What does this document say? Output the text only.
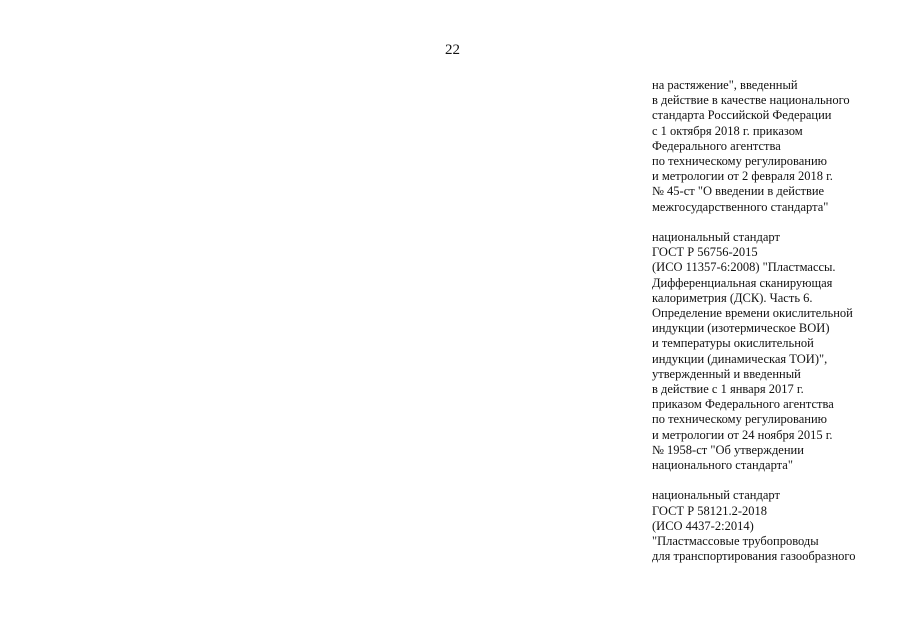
22
на растяжение", введенный
в действие в качестве национального
стандарта Российской Федерации
с 1 октября 2018 г. приказом
Федерального агентства
по техническому регулированию
и метрологии от 2 февраля 2018 г.
№ 45-ст "О введении в действие
межгосударственного стандарта"
национальный стандарт
ГОСТ Р 56756-2015
(ИСО 11357-6:2008) "Пластмассы.
Дифференциальная сканирующая
калориметрия (ДСК). Часть 6.
Определение времени окислительной
индукции (изотермическое ВОИ)
и температуры окислительной
индукции (динамическая ТОИ)",
утвержденный и введенный
в действие с 1 января 2017 г.
приказом Федерального агентства
по техническому регулированию
и метрологии от 24 ноября 2015 г.
№ 1958-ст "Об утверждении
национального стандарта"
национальный стандарт
ГОСТ Р 58121.2-2018
(ИСО 4437-2:2014)
"Пластмассовые трубопроводы
для транспортирования газообразного
